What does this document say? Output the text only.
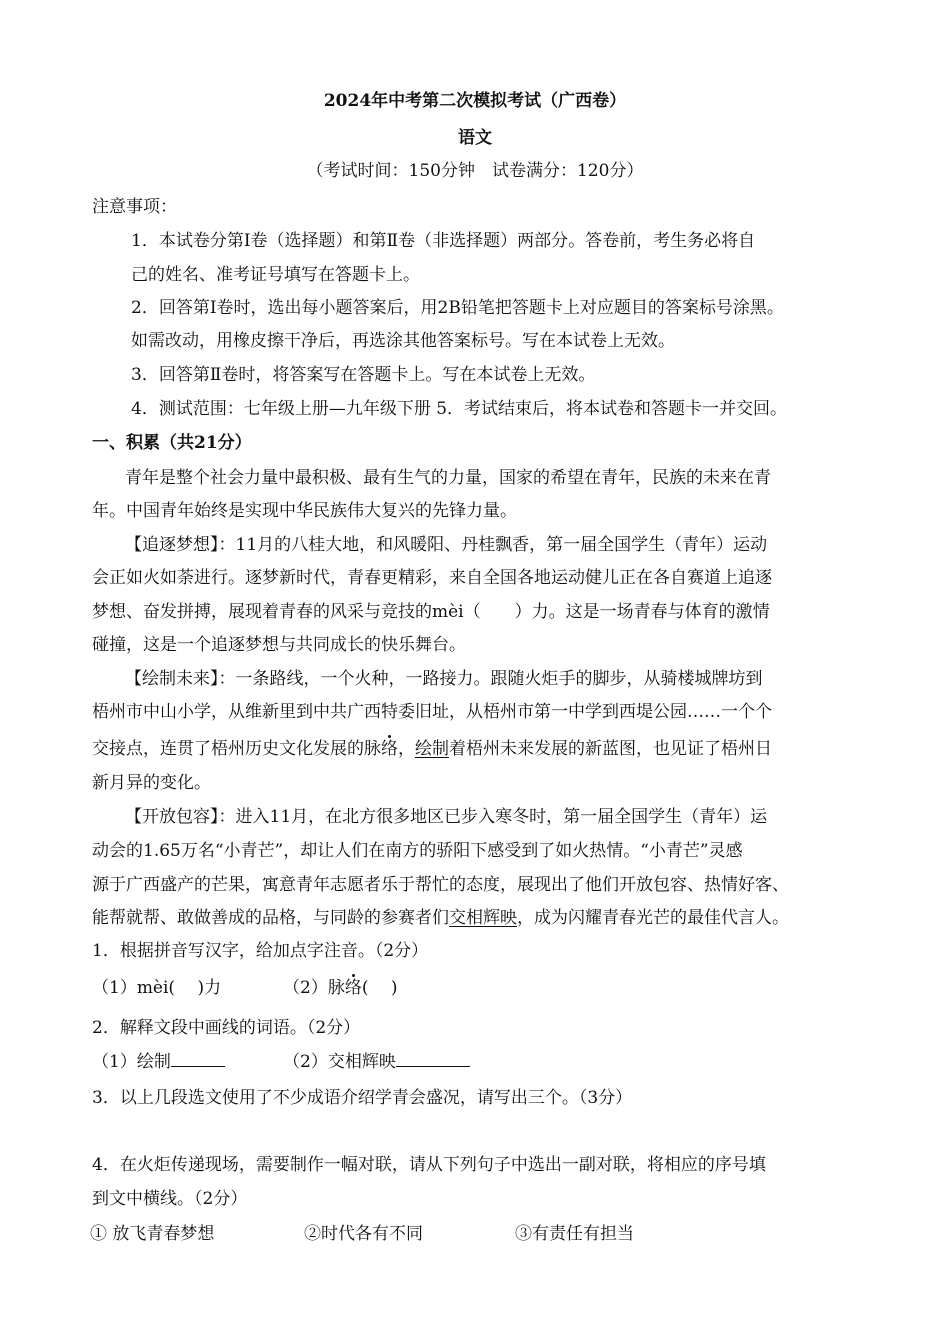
2024年中考第二次模拟考试（广西卷）
语文
（考试时间：150分钟　试卷满分：120分）
注意事项：
1．本试卷分第Ⅰ卷（选择题）和第Ⅱ卷（非选择题）两部分。答卷前，考生务必将自
己的姓名、准考证号填写在答题卡上。
2．回答第Ⅰ卷时，选出每小题答案后，用2B铅笔把答题卡上对应题目的答案标号涂黑。
如需改动，用橡皮擦干净后，再选涂其他答案标号。写在本试卷上无效。
3．回答第Ⅱ卷时，将答案写在答题卡上。写在本试卷上无效。
4．测试范围：七年级上册—九年级下册 5．考试结束后，将本试卷和答题卡一并交回。
一、积累（共21分）
青年是整个社会力量中最积极、最有生气的力量，国家的希望在青年，民族的未来在青
年。中国青年始终是实现中华民族伟大复兴的先锋力量。
【追逐梦想】：11月的八桂大地，和风暖阳、丹桂飘香，第一届全国学生（青年）运动
会正如火如荼进行。逐梦新时代，青春更精彩，来自全国各地运动健儿正在各自赛道上追逐
梦想、奋发拼搏，展现着青春的风采与竞技的mèi（ ）力。这是一场青春与体育的激情
碰撞，这是一个追逐梦想与共同成长的快乐舞台。
【绘制未来】：一条路线，一个火种，一路接力。跟随火炬手的脚步，从骑楼城牌坊到
梧州市中山小学，从维新里到中共广西特委旧址，从梧州市第一中学到西堤公园……一个个
交接点，连贯了梧州历史文化发展的脉络，绘制着梧州未来发展的新蓝图，也见证了梧州日
新月异的变化。
【开放包容】：进入11月，在北方很多地区已步入寒冬时，第一届全国学生（青年）运
动会的1.65万名“小青芒”，却让人们在南方的骄阳下感受到了如火热情。“小青芒”灵感
源于广西盛产的芒果，寓意青年志愿者乐于帮忙的态度，展现出了他们开放包容、热情好客、
能帮就帮、敢做善成的品格，与同龄的参赛者们交相辉映，成为闪耀青春光芒的最佳代言人。
1．根据拼音写汉字，给加点字注音。（2分）
（1）mèi(　 )力	（2）脉络(　 )
2．解释文段中画线的词语。（2分）
（1）绘制	（2）交相辉映
3．以上几段选文使用了不少成语介绍学青会盛况，请写出三个。（3分）
4．在火炬传递现场，需要制作一幅对联，请从下列句子中选出一副对联，将相应的序号填
到文中横线。（2分）
① 放飞青春梦想	②时代各有不同	③有责任有担当
